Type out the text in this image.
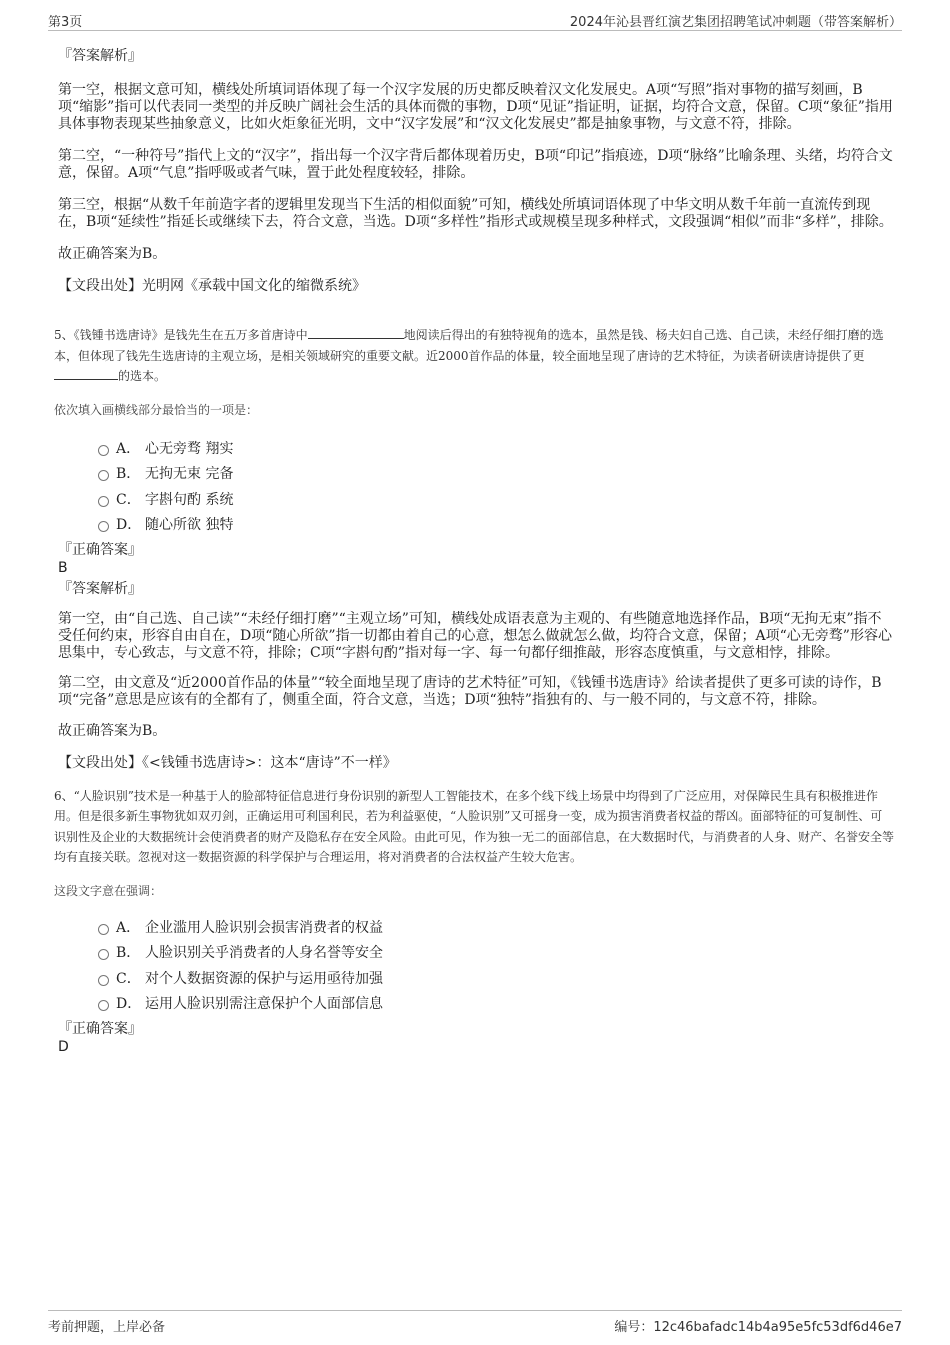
第3页	2024年沁县晋红演艺集团招聘笔试冲刺题（带答案解析）

『答案解析』

第一空，根据文意可知，横线处所填词语体现了每一个汉字发展的历史都反映着汉文化发展史。A项“写照”指对事物的描写刻画，B项“缩影”指可以代表同一类型的并反映广阔社会生活的具体而微的事物，D项“见证”指证明，证据，均符合文意，保留。C项“象征”指用具体事物表现某些抽象意义，比如火炬象征光明，文中“汉字发展”和“汉文化发展史”都是抽象事物，与文意不符，排除。

第二空，“一种符号”指代上文的“汉字”，指出每一个汉字背后都体现着历史，B项“印记”指痕迹，D项“脉络”比喻条理、头绪，均符合文意，保留。A项“气息”指呼吸或者气味，置于此处程度较轻，排除。

第三空，根据“从数千年前造字者的逻辑里发现当下生活的相似面貌”可知，横线处所填词语体现了中华文明从数千年前一直流传到现在，B项“延续性”指延长或继续下去，符合文意，当选。D项“多样性”指形式或规模呈现多种样式，文段强调“相似”而非“多样”，排除。

故正确答案为B。

【文段出处】光明网《承载中国文化的缩微系统》

5、《钱锺书选唐诗》是钱先生在五万多首唐诗中	地阅读后得出的有独特视角的选本，虽然是钱、杨夫妇自己选、自己读，未经仔细打磨的选本，但体现了钱先生选唐诗的主观立场，是相关领域研究的重要文献。近2000首作品的体量，较全面地呈现了唐诗的艺术特征，为读者研读唐诗提供了更的选本。

依次填入画横线部分最恰当的一项是：

A． 心无旁骛 翔实
B． 无拘无束 完备
C． 字斟句酌 系统
D． 随心所欲 独特

『正确答案』

B

『答案解析』

第一空，由“自己选、自己读”“未经仔细打磨”“主观立场”可知，横线处成语表意为主观的、有些随意地选择作品，B项“无拘无束”指不受任何约束，形容自由自在，D项“随心所欲”指一切都由着自己的心意，想怎么做就怎么做，均符合文意，保留；A项“心无旁骛”形容心思集中，专心致志，与文意不符，排除；C项“字斟句酌”指对每一字、每一句都仔细推敲，形容态度慎重，与文意相悖，排除。

第二空，由文意及“近2000首作品的体量”“较全面地呈现了唐诗的艺术特征”可知，《钱锺书选唐诗》给读者提供了更多可读的诗作，B项“完备”意思是应该有的全都有了，侧重全面，符合文意，当选；D项“独特”指独有的、与一般不同的，与文意不符，排除。

故正确答案为B。

【文段出处】《<钱锺书选唐诗>：这本“唐诗”不一样》

6、“人脸识别”技术是一种基于人的脸部特征信息进行身份识别的新型人工智能技术，在多个线下线上场景中均得到了广泛应用，对保障民生具有积极推进作用。但是很多新生事物犹如双刃剑，正确运用可利国利民，若为利益驱使，“人脸识别”又可摇身一变，成为损害消费者权益的帮凶。面部特征的可复制性、可识别性及企业的大数据统计会使消费者的财产及隐私存在安全风险。由此可见，作为独一无二的面部信息，在大数据时代，与消费者的人身、财产、名誉安全等均有直接关联。忽视对这一数据资源的科学保护与合理运用，将对消费者的合法权益产生较大危害。

这段文字意在强调：

A． 企业滥用人脸识别会损害消费者的权益
B． 人脸识别关乎消费者的人身名誉等安全
C． 对个人数据资源的保护与运用亟待加强
D． 运用人脸识别需注意保护个人面部信息

『正确答案』

D

考前押题，上岸必备	编号：12c46bafadc14b4a95e5fc53df6d46e7
